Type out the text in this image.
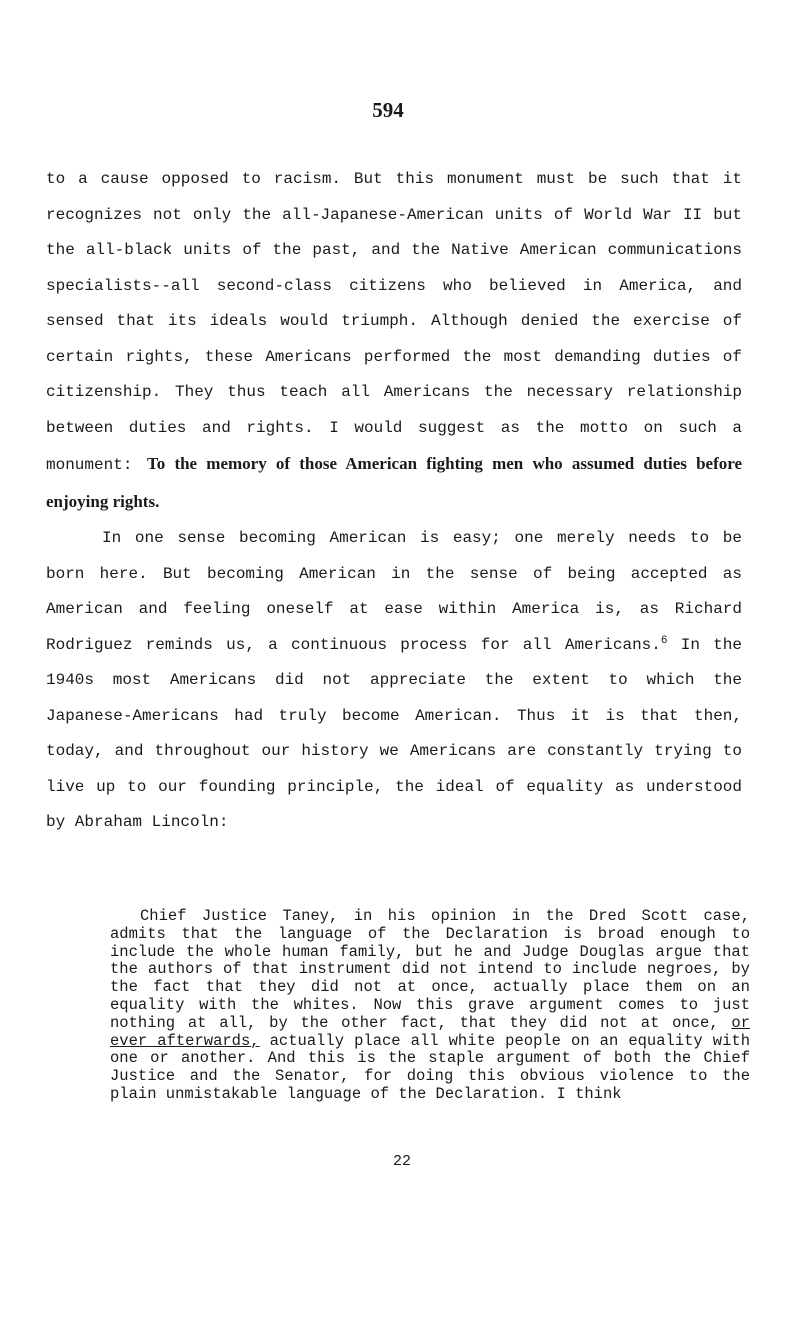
594

to a cause opposed to racism. But this monument must be such that it recognizes not only the all-Japanese-American units of World War II but the all-black units of the past, and the Native American communications specialists--all second-class citizens who believed in America, and sensed that its ideals would triumph. Although denied the exercise of certain rights, these Americans performed the most demanding duties of citizenship. They thus teach all Americans the necessary relationship between duties and rights. I would suggest as the motto on such a monument: To the memory of those American fighting men who assumed duties before enjoying rights.

In one sense becoming American is easy; one merely needs to be born here. But becoming American in the sense of being accepted as American and feeling oneself at ease within America is, as Richard Rodriguez reminds us, a continuous process for all Americans.$^6$ In the 1940s most Americans did not appreciate the extent to which the Japanese-Americans had truly become American. Thus it is that then, today, and throughout our history we Americans are constantly trying to live up to our founding principle, the ideal of equality as understood by Abraham Lincoln:

Chief Justice Taney, in his opinion in the Dred Scott case, admits that the language of the Declaration is broad enough to include the whole human family, but he and Judge Douglas argue that the authors of that instrument did not intend to include negroes, by the fact that they did not at once, actually place them on an equality with the whites. Now this grave argument comes to just nothing at all, by the other fact, that they did not at once, or ever afterwards, actually place all white people on an equality with one or another. And this is the staple argument of both the Chief Justice and the Senator, for doing this obvious violence to the plain unmistakable language of the Declaration. I think

22
